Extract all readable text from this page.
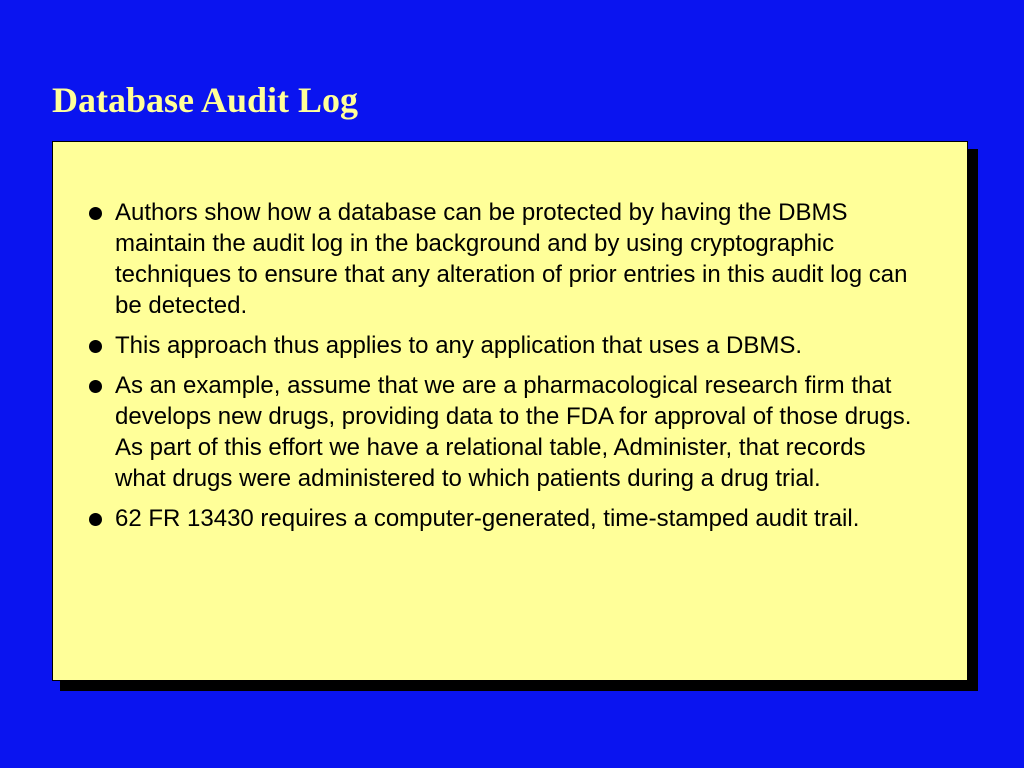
Database Audit Log
Authors show how a database can be protected by having the DBMS maintain the audit log in the background and by using cryptographic techniques to ensure that any alteration of prior entries in this audit log can be detected.
This approach thus applies to any application that uses a DBMS.
As an example, assume that we are a pharmacological research firm that develops new drugs, providing data to the FDA for approval of those drugs. As part of this effort we have a relational table, Administer, that records what drugs were administered to which patients during a drug trial.
62 FR 13430 requires a computer-generated, time-stamped audit trail.
